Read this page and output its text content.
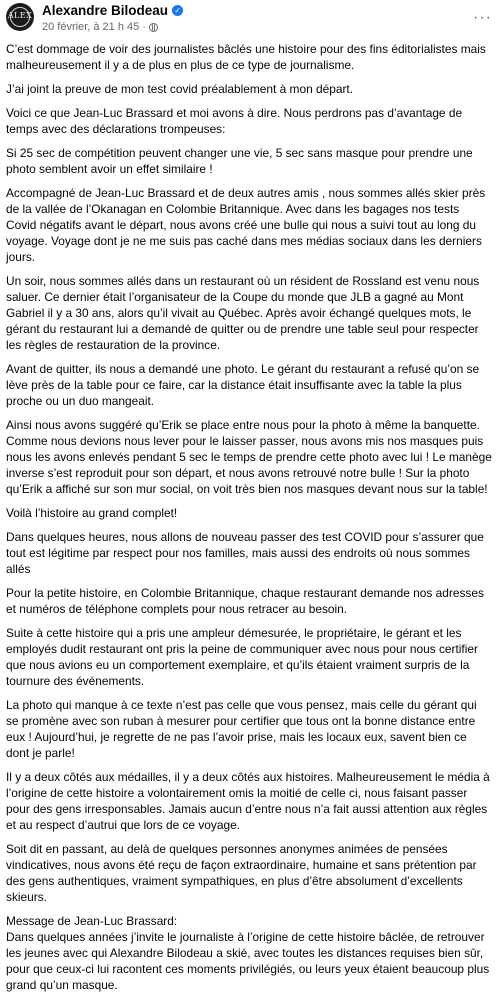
ALEX Alexandre Bilodeau ✓
20 février, à 21 h 45 ·
···
C’est dommage de voir des journalistes bâclés une histoire pour des fins éditorialistes mais malheureusement il y a de plus en plus de ce type de journalisme.
J’ai joint la preuve de mon test covid préalablement à mon départ.
Voici ce que Jean-Luc Brassard et moi avons à dire. Nous perdrons pas d’avantage de temps avec des déclarations trompeuses:
Si 25 sec de compétition peuvent changer une vie, 5 sec sans masque pour prendre une photo semblent avoir un effet similaire !
Accompagné de Jean-Luc Brassard et de deux autres amis , nous sommes allés skier près de la vallée de l’Okanagan en Colombie Britannique. Avec dans les bagages nos tests Covid négatifs avant le départ, nous avons créé une bulle qui nous a suivi tout au long du voyage. Voyage dont je ne me suis pas caché dans mes médias sociaux dans les derniers jours.
Un soir, nous sommes allés dans un restaurant où un résident de Rossland est venu nous saluer. Ce dernier était l’organisateur de la Coupe du monde que JLB a gagné au Mont Gabriel il y a 30 ans, alors qu’il vivait au Québec. Après avoir échangé quelques mots, le gérant du restaurant lui a demandé de quitter ou de prendre une table seul pour respecter les règles de restauration de la province.
Avant de quitter, ils nous a demandé une photo. Le gérant du restaurant a refusé qu’on se lève près de la table pour ce faire, car la distance était insuffisante avec la table la plus proche ou un duo mangeait.
Ainsi nous avons suggéré qu’Erik se place entre nous pour la photo à même la banquette. Comme nous devions nous lever pour le laisser passer, nous avons mis nos masques puis nous les avons enlevés pendant 5 sec le temps de prendre cette photo avec lui ! Le manège inverse s’est reproduit pour son départ, et nous avons retrouvé notre bulle ! Sur la photo qu’Erik a affiché sur son mur social, on voit très bien nos masques devant nous sur la table!
Voilà l’histoire au grand complet!
Dans quelques heures, nous allons de nouveau passer des test COVID pour s’assurer que tout est légitime par respect pour nos familles, mais aussi des endroits où nous sommes allés
Pour la petite histoire, en Colombie Britannique, chaque restaurant demande nos adresses et numéros de téléphone complets pour nous retracer au besoin.
Suite à cette histoire qui a pris une ampleur démesurée, le propriétaire, le gérant et les employés dudit restaurant ont pris la peine de communiquer avec nous pour nous certifier que nous avions eu un comportement exemplaire, et qu’ils étaient vraiment surpris de la tournure des événements.
La photo qui manque à ce texte n’est pas celle que vous pensez, mais celle du gérant qui se promène avec son ruban à mesurer pour certifier que tous ont la bonne distance entre eux ! Aujourd’hui, je regrette de ne pas l’avoir prise, mais les locaux eux, savent bien ce dont je parle!
Il y a deux côtés aux médailles, il y a deux côtés aux histoires. Malheureusement le média à l’origine de cette histoire a volontairement omis la moitié de celle ci, nous faisant passer pour des gens irresponsables. Jamais aucun d’entre nous n’a fait aussi attention aux règles et au respect d’autrui que lors de ce voyage.
Soit dit en passant, au delà de quelques personnes anonymes animées de pensées vindicatives, nous avons été reçu de façon extraordinaire, humaine et sans prétention par des gens authentiques, vraiment sympathiques, en plus d’être absolument d’excellents skieurs.
Message de Jean-Luc Brassard:
Dans quelques années j’invite le journaliste à l’origine de cette histoire bâclée, de retrouver les jeunes avec qui Alexandre Bilodeau a skié, avec toutes les distances requises bien sûr, pour que ceux-ci lui racontent ces moments privilégiés, ou leurs yeux étaient beaucoup plus grand qu’un masque.
